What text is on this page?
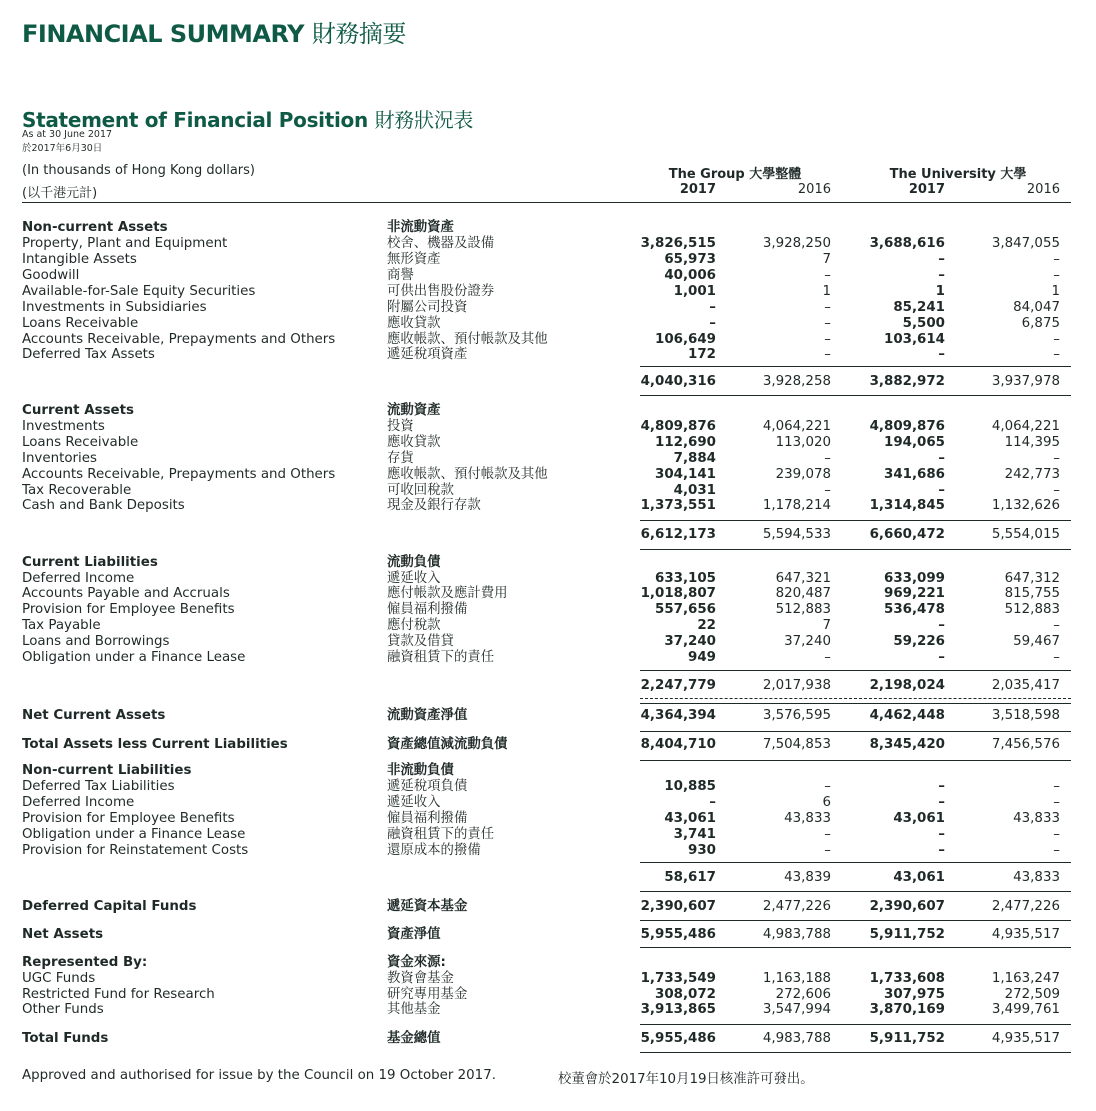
FINANCIAL SUMMARY 財務摘要
Statement of Financial Position 財務狀況表
As at 30 June 2017
於2017年6月30日
(In thousands of Hong Kong dollars)
(以千港元計)
The Group 大學整體	The University 大學
2017	2016	2017	2016
Non-current Assets	非流動資產
Property, Plant and Equipment	校舍、機器及設備	3,826,515	3,928,250	3,688,616	3,847,055
Intangible Assets	無形資產	65,973	7	–	–
Goodwill	商譽	40,006	–	–	–
Available-for-Sale Equity Securities	可供出售股份證券	1,001	1	1	1
Investments in Subsidiaries	附屬公司投資	–	–	85,241	84,047
Loans Receivable	應收貸款	–	–	5,500	6,875
Accounts Receivable, Prepayments and Others	應收帳款、預付帳款及其他	106,649	–	103,614	–
Deferred Tax Assets	遞延稅項資產	172	–	–	–
4,040,316	3,928,258	3,882,972	3,937,978
Current Assets	流動資產
Investments	投資	4,809,876	4,064,221	4,809,876	4,064,221
Loans Receivable	應收貸款	112,690	113,020	194,065	114,395
Inventories	存貨	7,884	–	–	–
Accounts Receivable, Prepayments and Others	應收帳款、預付帳款及其他	304,141	239,078	341,686	242,773
Tax Recoverable	可收回稅款	4,031	–	–	–
Cash and Bank Deposits	現金及銀行存款	1,373,551	1,178,214	1,314,845	1,132,626
6,612,173	5,594,533	6,660,472	5,554,015
Current Liabilities	流動負債
Deferred Income	遞延收入	633,105	647,321	633,099	647,312
Accounts Payable and Accruals	應付帳款及應計費用	1,018,807	820,487	969,221	815,755
Provision for Employee Benefits	僱員福利撥備	557,656	512,883	536,478	512,883
Tax Payable	應付稅款	22	7	–	–
Loans and Borrowings	貸款及借貸	37,240	37,240	59,226	59,467
Obligation under a Finance Lease	融資租賃下的責任	949	–	–	–
2,247,779	2,017,938	2,198,024	2,035,417
Net Current Assets	流動資產淨值	4,364,394	3,576,595	4,462,448	3,518,598
Total Assets less Current Liabilities	資產總值減流動負債	8,404,710	7,504,853	8,345,420	7,456,576
Non-current Liabilities	非流動負債
Deferred Tax Liabilities	遞延稅項負債	10,885	–	–	–
Deferred Income	遞延收入	–	6	–	–
Provision for Employee Benefits	僱員福利撥備	43,061	43,833	43,061	43,833
Obligation under a Finance Lease	融資租賃下的責任	3,741	–	–	–
Provision for Reinstatement Costs	還原成本的撥備	930	–	–	–
58,617	43,839	43,061	43,833
Deferred Capital Funds	遞延資本基金	2,390,607	2,477,226	2,390,607	2,477,226
Net Assets	資產淨值	5,955,486	4,983,788	5,911,752	4,935,517
Represented By:	資金來源:
UGC Funds	教資會基金	1,733,549	1,163,188	1,733,608	1,163,247
Restricted Fund for Research	研究專用基金	308,072	272,606	307,975	272,509
Other Funds	其他基金	3,913,865	3,547,994	3,870,169	3,499,761
Total Funds	基金總值	5,955,486	4,983,788	5,911,752	4,935,517
Approved and authorised for issue by the Council on 19 October 2017.	校董會於2017年10月19日核准許可發出。
